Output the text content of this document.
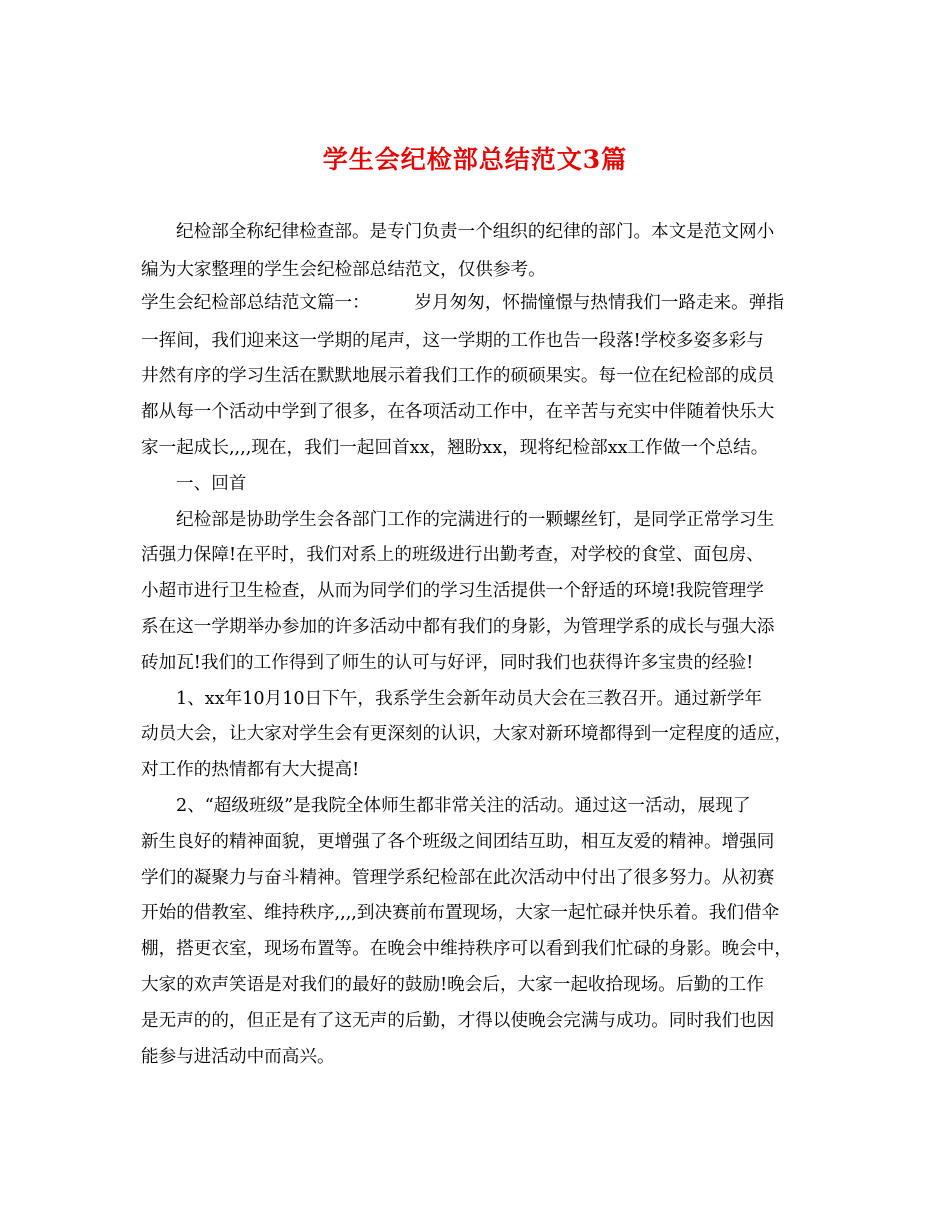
学生会纪检部总结范文3篇
纪检部全称纪律检查部。是专门负责一个组织的纪律的部门。本文是范文网小
编为大家整理的学生会纪检部总结范文，仅供参考。
学生会纪检部总结范文篇一：        岁月匆匆，怀揣憧憬与热情我们一路走来。弹指
一挥间，我们迎来这一学期的尾声，这一学期的工作也告一段落!学校多姿多彩与
井然有序的学习生活在默默地展示着我们工作的硕硕果实。每一位在纪检部的成员
都从每一个活动中学到了很多，在各项活动工作中，在辛苦与充实中伴随着快乐大
家一起成长,,,,现在，我们一起回首xx，翘盼xx，现将纪检部xx工作做一个总结。
一、回首
纪检部是协助学生会各部门工作的完满进行的一颗螺丝钉，是同学正常学习生
活强力保障!在平时，我们对系上的班级进行出勤考查，对学校的食堂、面包房、
小超市进行卫生检查，从而为同学们的学习生活提供一个舒适的环境!我院管理学
系在这一学期举办参加的许多活动中都有我们的身影，为管理学系的成长与强大添
砖加瓦!我们的工作得到了师生的认可与好评，同时我们也获得许多宝贵的经验!
1、xx年10月10日下午，我系学生会新年动员大会在三教召开。通过新学年
动员大会，让大家对学生会有更深刻的认识，大家对新环境都得到一定程度的适应，
对工作的热情都有大大提高!
2、“超级班级”是我院全体师生都非常关注的活动。通过这一活动，展现了
新生良好的精神面貌，更增强了各个班级之间团结互助，相互友爱的精神。增强同
学们的凝聚力与奋斗精神。管理学系纪检部在此次活动中付出了很多努力。从初赛
开始的借教室、维持秩序,,,,到决赛前布置现场，大家一起忙碌并快乐着。我们借伞
棚，搭更衣室，现场布置等。在晚会中维持秩序可以看到我们忙碌的身影。晚会中，
大家的欢声笑语是对我们的最好的鼓励!晚会后，大家一起收拾现场。后勤的工作
是无声的的，但正是有了这无声的后勤，才得以使晚会完满与成功。同时我们也因
能参与进活动中而高兴。
